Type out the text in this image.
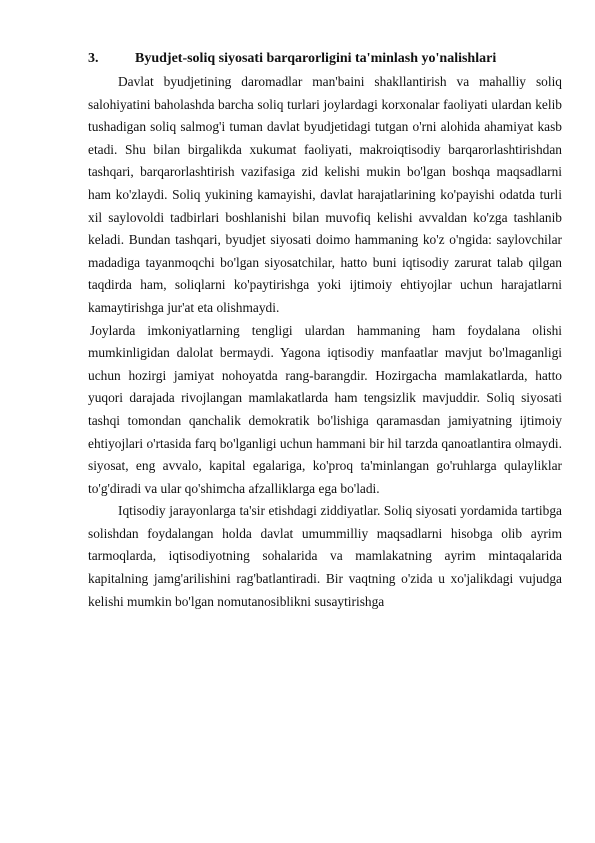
3.	Byudjet-soliq siyosati barqarorligini ta'minlash yo'nalishlari

Davlat byudjetining daromadlar man'baini shakllantirish va mahalliy soliq salohiyatini baholashda barcha soliq turlari joylardagi korxonalar faoliyati ulardan kelib tushadigan soliq salmog'i tuman davlat byudjetidagi tutgan o'rni alohida ahamiyat kasb etadi. Shu bilan birgalikda xukumat faoliyati, makroiqtisodiy barqarorlashtirishdan tashqari, barqarorlashtirish vazifasiga zid kelishi mukin bo'lgan boshqa maqsadlarni ham ko'zlaydi. Soliq yukining kamayishi, davlat harajatlarining ko'payishi odatda turli xil saylovoldi tadbirlari boshlanishi bilan muvofiq kelishi avvaldan ko'zga tashlanib keladi. Bundan tashqari, byudjet siyosati doimo hammaning ko'z o'ngida: saylovchilar madadiga tayanmoqchi bo'lgan siyosatchilar, hatto buni iqtisodiy zarurat talab qilgan taqdirda ham, soliqlarni ko'paytirishga yoki ijtimoiy ehtiyojlar uchun harajatlarni kamaytirishga jur'at eta olishmaydi.

Joylarda imkoniyatlarning tengligi ulardan hammaning ham foydalana olishi mumkinligidan dalolat bermaydi. Yagona iqtisodiy manfaatlar mavjut bo'lmaganligi uchun hozirgi jamiyat nohoyatda rang-barangdir. Hozirgacha mamlakatlarda, hatto yuqori darajada rivojlangan mamlakatlarda ham tengsizlik mavjuddir. Soliq siyosati tashqi tomondan qanchalik demokratik bo'lishiga qaramasdan jamiyatning ijtimoiy ehtiyojlari o'rtasida farq bo'lganligi uchun hammani bir hil tarzda qanoatlantira olmaydi. siyosat, eng avvalo, kapital egalariga, ko'proq ta'minlangan go'ruhlarga qulayliklar to'g'diradi va ular qo'shimcha afzalliklarga ega bo'ladi.

Iqtisodiy jarayonlarga ta'sir etishdagi ziddiyatlar. Soliq siyosati yordamida tartibga solishdan foydalangan holda davlat umummilliy maqsadlarni hisobga olib ayrim tarmoqlarda, iqtisodiyotning sohalarida va mamlakatning ayrim mintaqalarida kapitalning jamg'arilishini rag'batlantiradi. Bir vaqtning o'zida u xo'jalikdagi vujudga kelishi mumkin bo'lgan nomutanosiblikni susaytirishga
